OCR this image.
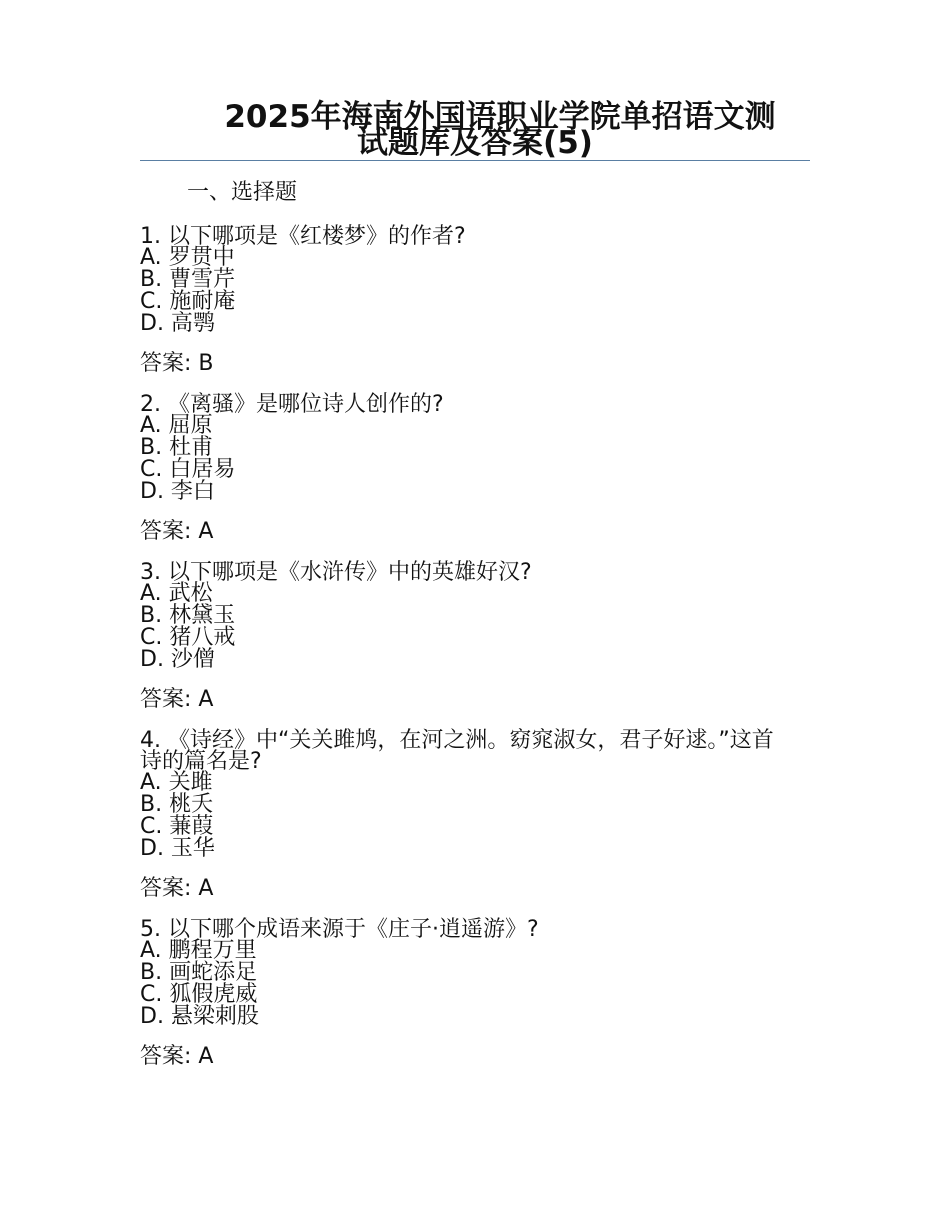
2025年海南外国语职业学院单招语文测
试题库及答案(5)
一、选择题
1. 以下哪项是《红楼梦》的作者?
A. 罗贯中
B. 曹雪芹
C. 施耐庵
D. 高鹗
答案: B
2. 《离骚》是哪位诗人创作的?
A. 屈原
B. 杜甫
C. 白居易
D. 李白
答案: A
3. 以下哪项是《水浒传》中的英雄好汉?
A. 武松
B. 林黛玉
C. 猪八戒
D. 沙僧
答案: A
4. 《诗经》中“关关雎鸠，在河之洲。窈窕淑女，君子好逑。”这首诗的篇名是?
A. 关雎
B. 桃夭
C. 蒹葭
D. 玉华
答案: A
5. 以下哪个成语来源于《庄子·逍遥游》?
A. 鹏程万里
B. 画蛇添足
C. 狐假虎威
D. 悬梁刺股
答案: A
